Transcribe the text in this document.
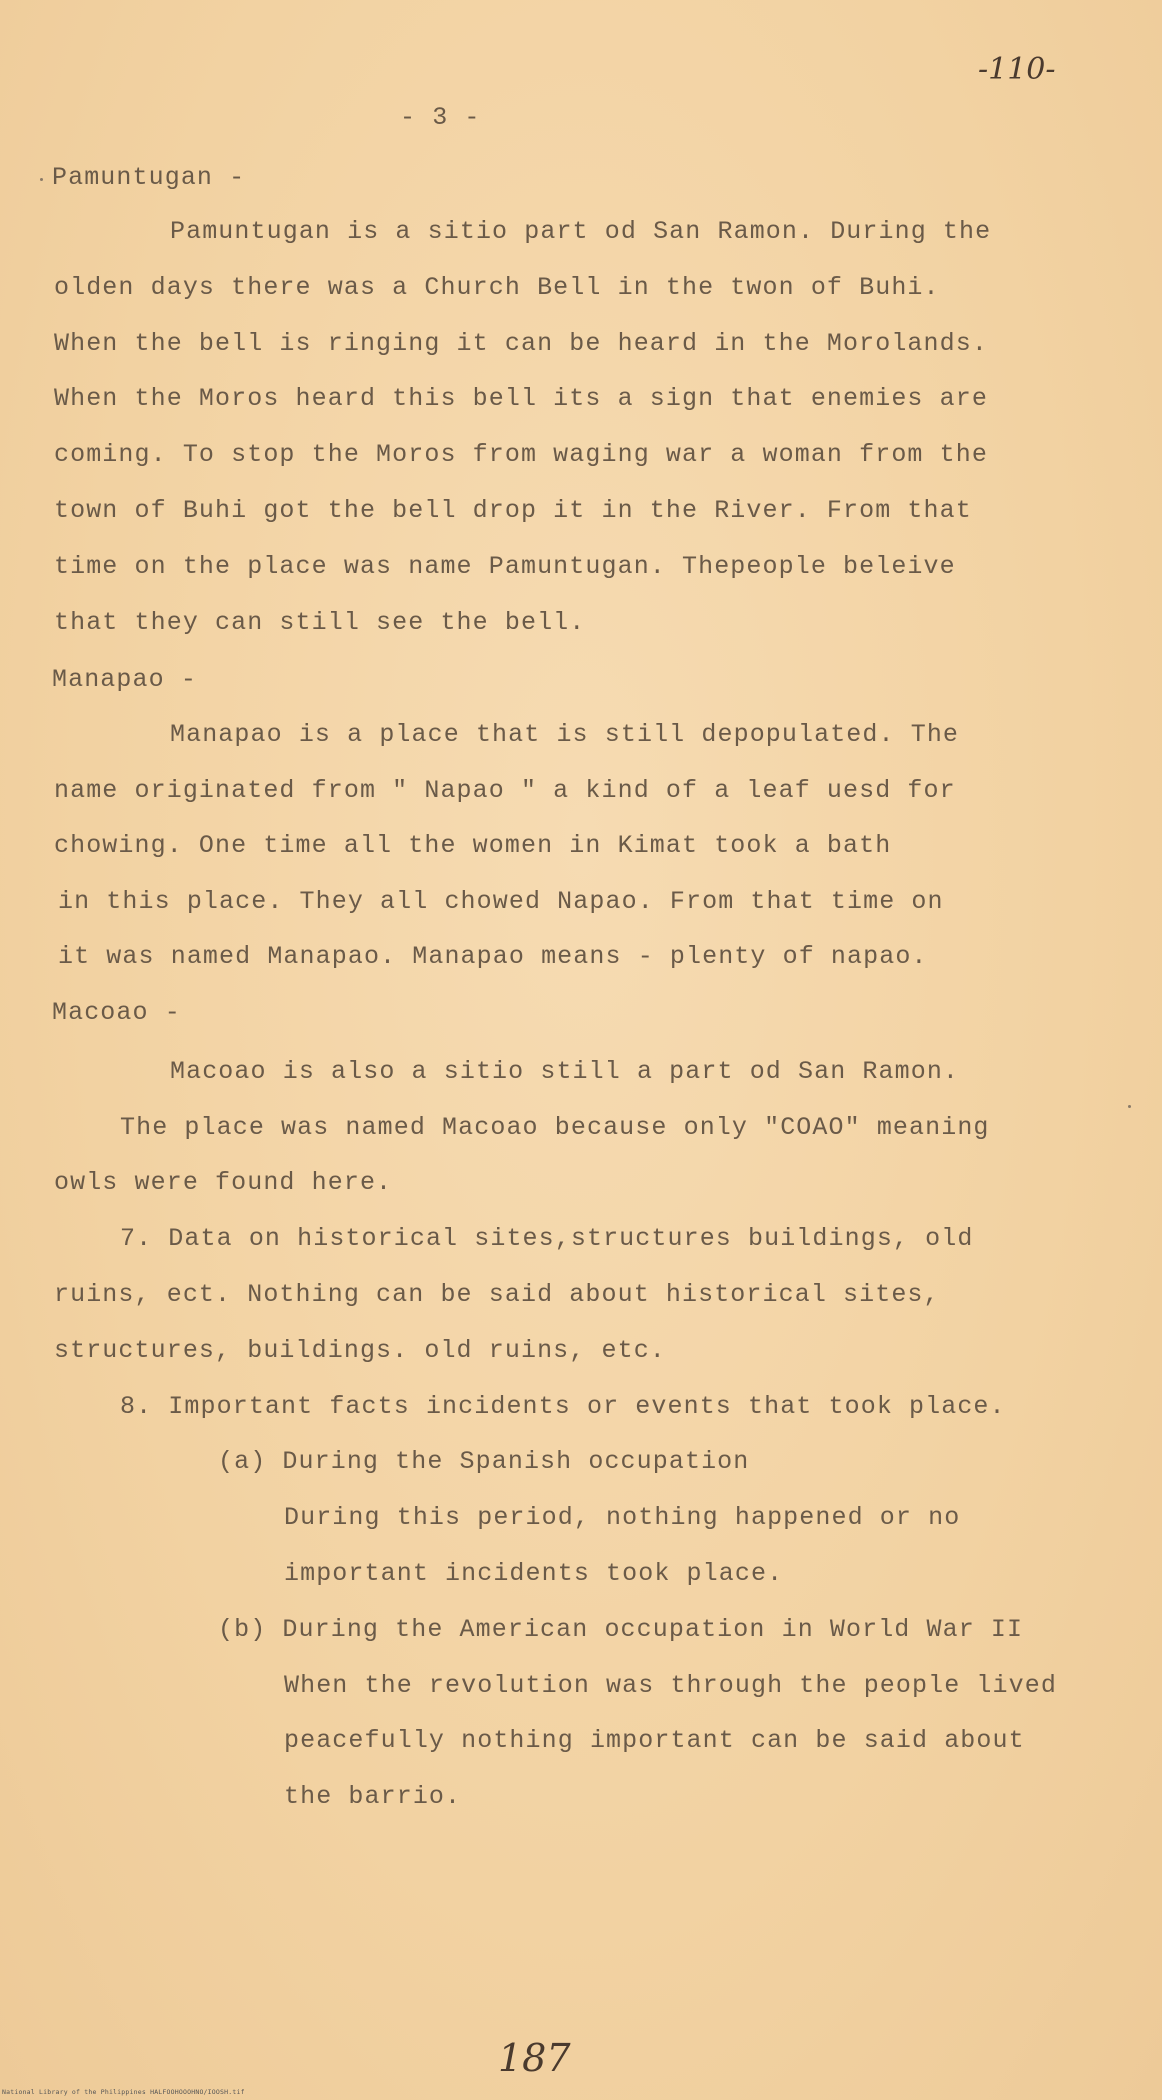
-110-
- 3 -
Pamuntugan -
Pamuntugan is a sitio part od San Ramon. During the
olden days there was a Church Bell in the twon of Buhi.
When the bell is ringing it can be heard in the Morolands.
When the Moros heard this bell its a sign that enemies are
coming. To stop the Moros from waging war a woman from the
town of Buhi got the bell drop it in the River. From that
time on the place was name Pamuntugan. Thepeople beleive
that they can still see the bell.
Manapao -
Manapao is a place that is still depopulated. The
name originated from " Napao " a kind of a leaf uesd for
chowing. One time all the women in Kimat took a bath
in this place. They all chowed Napao. From that time on
it was named Manapao. Manapao means - plenty of napao.
Macoao -
Macoao is also a sitio still a part od San Ramon.
The place was named Macoao because only "COAO" meaning
owls were found here.
7. Data on historical sites,structures buildings, old
ruins, ect. Nothing can be said about historical sites,
structures, buildings. old ruins, etc.
8. Important facts incidents or events that took place.
(a) During the Spanish occupation
During this period, nothing happened or no
important incidents took place.
(b) During the American occupation in World War II
When the revolution was through the people lived
peacefully nothing important can be said about
the barrio.
187
National Library of the Philippines HALFOOHOOOHNO/IOOSH.tif
